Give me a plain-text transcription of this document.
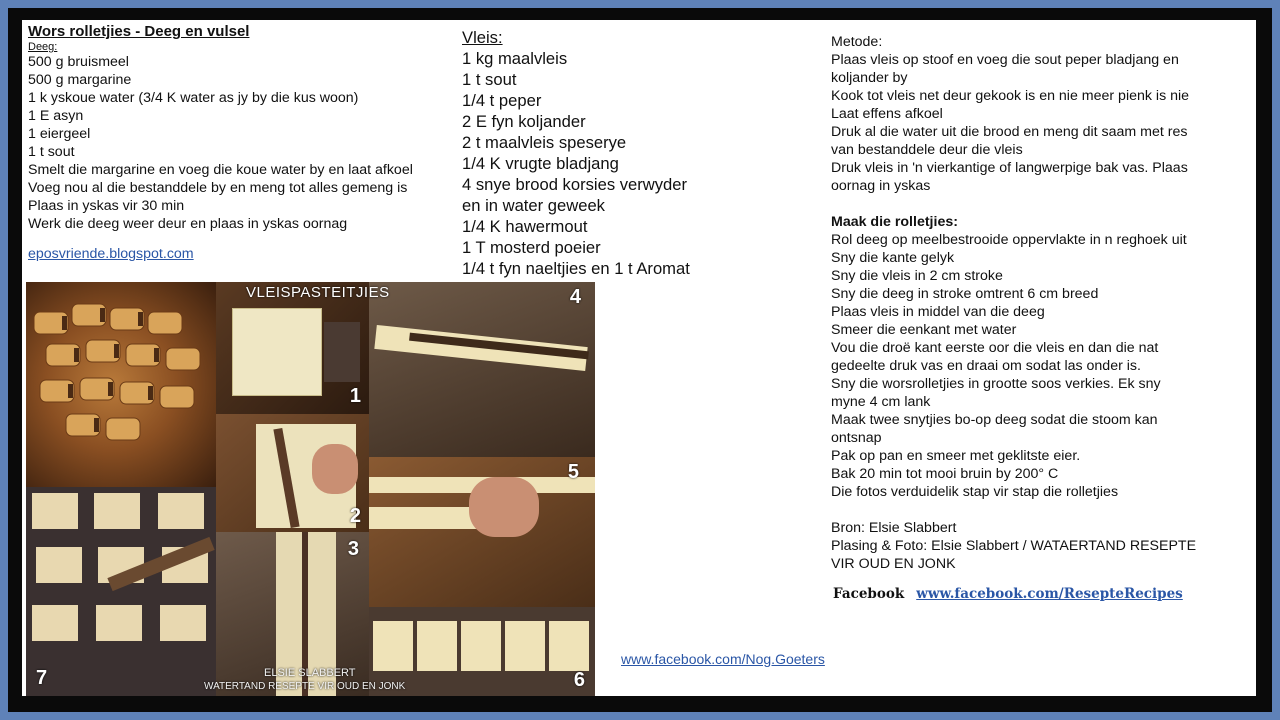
Wors rolletjies - Deeg en vulsel
Deeg:
500 g bruismeel
500 g margarine
1 k yskoue water (3/4 K water as jy by die kus woon)
1 E asyn
1 eiergeel
1 t sout
Smelt die margarine en voeg die koue water by en laat afkoel
Voeg nou al die bestanddele by en meng tot alles gemeng is
Plaas in yskas vir 30 min
Werk die deeg weer deur en plaas in yskas oornag
eposvriende.blogspot.com
Vleis:
1 kg maalvleis
1 t sout
1/4 t peper
2 E fyn koljander
2 t maalvleis speserye
1/4 K vrugte bladjang
4 snye brood korsies verwyder
en in water geweek
1/4 K hawermout
1 T mosterd poeier
1/4 t fyn naeltjies en 1 t Aromat
Metode:
Plaas vleis op stoof en voeg die sout peper bladjang en
koljander by
Kook tot vleis net deur gekook is en nie meer pienk is nie
Laat effens afkoel
Druk al die water uit die brood en meng dit saam met res
van bestanddele deur die vleis
Druk vleis in 'n vierkantige of langwerpige bak vas. Plaas
oornag in yskas
Maak die rolletjies:
Rol deeg op meelbestrooide oppervlakte in n reghoek uit
Sny die kante gelyk
Sny die vleis in 2 cm stroke
Sny die deeg in stroke omtrent 6 cm breed
Plaas vleis in middel van die deeg
Smeer die eenkant met water
Vou die droë kant eerste oor die vleis en dan die nat
gedeelte druk vas en draai om sodat las onder is.
Sny die worsrolletjies in grootte soos verkies. Ek sny
myne 4 cm lank
Maak twee snytjies bo-op deeg sodat die stoom kan
ontsnap
Pak op pan en smeer met geklitste eier.
Bak 20 min tot mooi bruin by 200° C
Die fotos verduidelik stap vir stap die rolletjies
Bron: Elsie Slabbert
Plasing & Foto: Elsie Slabbert / WATAERTAND RESEPTE
VIR OUD EN JONK
Facebook www.facebook.com/ResepteRecipes
www.facebook.com/Nog.Goeters
1
4
2
5
7
3
6
VLEISPASTEITJIES
ELSIE SLABBERT
WATERTAND RESEPTE VIR OUD EN JONK
